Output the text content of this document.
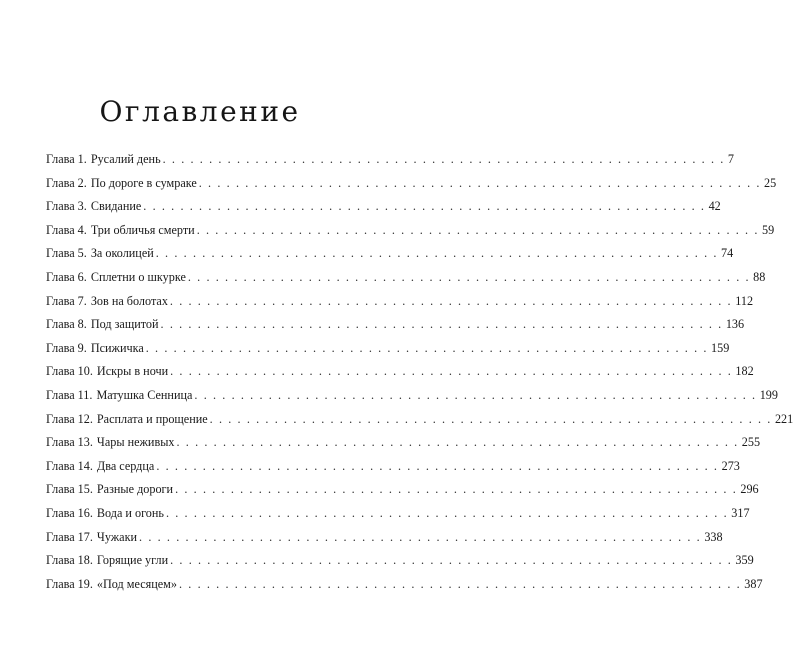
Оглавление
Глава 1. Русалий день . . . . . . . . . . . . . . . . . . . . . . . . . . . . . . . . . . . . . . . . . . . . . . . . . . . . . . . . . . . . . 7
Глава 2. По дороге в сумраке . . . . . . . . . . . . . . . . . . . . . . . . . . . . . . . . . . . . . . . . . . . . . . . . . . . . . . . . . . . . . 25
Глава 3. Свидание . . . . . . . . . . . . . . . . . . . . . . . . . . . . . . . . . . . . . . . . . . . . . . . . . . . . . . . . . . . . . 42
Глава 4. Три обличья смерти . . . . . . . . . . . . . . . . . . . . . . . . . . . . . . . . . . . . . . . . . . . . . . . . . . . . . . . . . . . . . 59
Глава 5. За околицей . . . . . . . . . . . . . . . . . . . . . . . . . . . . . . . . . . . . . . . . . . . . . . . . . . . . . . . . . . . . . 74
Глава 6. Сплетни о шкурке . . . . . . . . . . . . . . . . . . . . . . . . . . . . . . . . . . . . . . . . . . . . . . . . . . . . . . . . . . . . . 88
Глава 7. Зов на болотах . . . . . . . . . . . . . . . . . . . . . . . . . . . . . . . . . . . . . . . . . . . . . . . . . . . . . . . . . . . . . 112
Глава 8. Под защитой . . . . . . . . . . . . . . . . . . . . . . . . . . . . . . . . . . . . . . . . . . . . . . . . . . . . . . . . . . . . . 136
Глава 9. Псижичка . . . . . . . . . . . . . . . . . . . . . . . . . . . . . . . . . . . . . . . . . . . . . . . . . . . . . . . . . . . . . 159
Глава 10. Искры в ночи . . . . . . . . . . . . . . . . . . . . . . . . . . . . . . . . . . . . . . . . . . . . . . . . . . . . . . . . . . . . . 182
Глава 11. Матушка Сенница . . . . . . . . . . . . . . . . . . . . . . . . . . . . . . . . . . . . . . . . . . . . . . . . . . . . . . . . . . . . . 199
Глава 12. Расплата и прощение . . . . . . . . . . . . . . . . . . . . . . . . . . . . . . . . . . . . . . . . . . . . . . . . . . . . . . . . . . . . . 221
Глава 13. Чары неживых . . . . . . . . . . . . . . . . . . . . . . . . . . . . . . . . . . . . . . . . . . . . . . . . . . . . . . . . . . . . . 255
Глава 14. Два сердца . . . . . . . . . . . . . . . . . . . . . . . . . . . . . . . . . . . . . . . . . . . . . . . . . . . . . . . . . . . . . 273
Глава 15. Разные дороги . . . . . . . . . . . . . . . . . . . . . . . . . . . . . . . . . . . . . . . . . . . . . . . . . . . . . . . . . . . . . 296
Глава 16. Вода и огонь . . . . . . . . . . . . . . . . . . . . . . . . . . . . . . . . . . . . . . . . . . . . . . . . . . . . . . . . . . . . . 317
Глава 17. Чужаки . . . . . . . . . . . . . . . . . . . . . . . . . . . . . . . . . . . . . . . . . . . . . . . . . . . . . . . . . . . . . 338
Глава 18. Горящие угли . . . . . . . . . . . . . . . . . . . . . . . . . . . . . . . . . . . . . . . . . . . . . . . . . . . . . . . . . . . . . 359
Глава 19. «Под месяцем» . . . . . . . . . . . . . . . . . . . . . . . . . . . . . . . . . . . . . . . . . . . . . . . . . . . . . . . . . . . . . 387
